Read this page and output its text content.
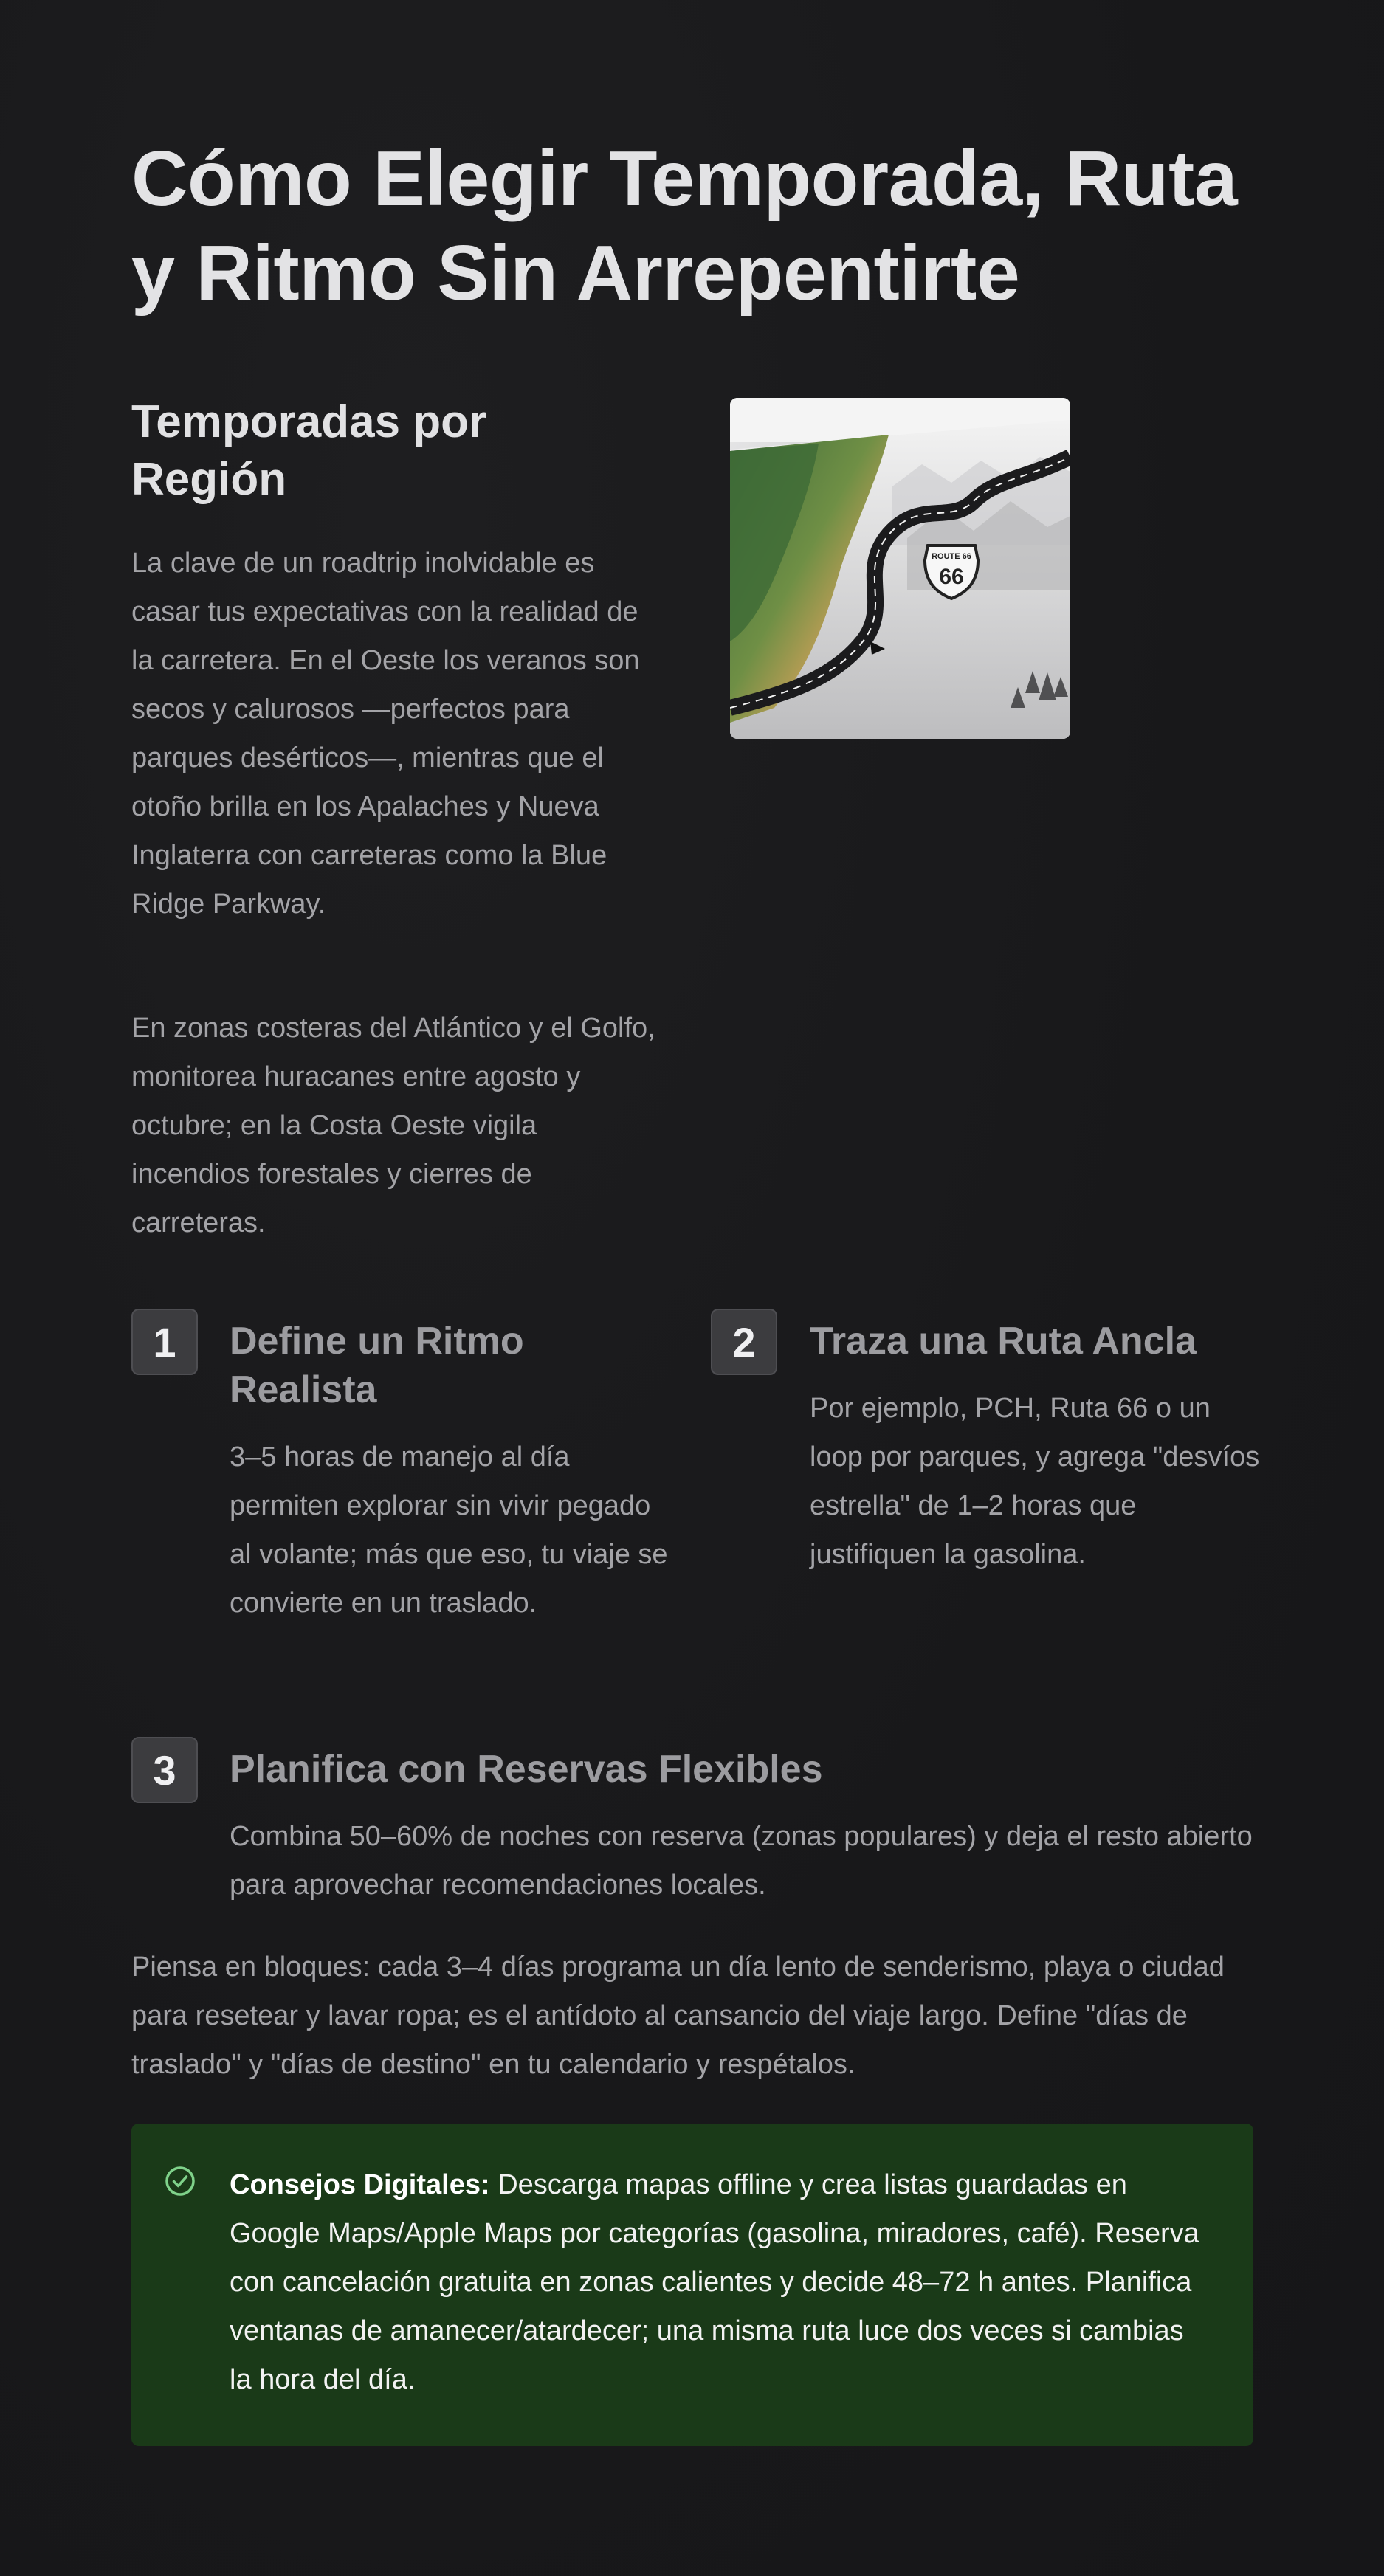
Cómo Elegir Temporada, Ruta y Ritmo Sin Arrepentirte
Temporadas por Región

La clave de un roadtrip inolvidable es casar tus expectativas con la realidad de la carretera. En el Oeste los veranos son secos y calurosos —perfectos para parques desérticos—, mientras que el otoño brilla en los Apalaches y Nueva Inglaterra con carreteras como la Blue Ridge Parkway.

En zonas costeras del Atlántico y el Golfo, monitorea huracanes entre agosto y octubre; en la Costa Oeste vigila incendios forestales y cierres de carreteras.

ROUTE 66
66
1	Define un Ritmo Realista

3–5 horas de manejo al día permiten explorar sin vivir pegado al volante; más que eso, tu viaje se convierte en un traslado.

2	Traza una Ruta Ancla

Por ejemplo, PCH, Ruta 66 o un loop por parques, y agrega "desvíos estrella" de 1–2 horas que justifiquen la gasolina.

3	Planifica con Reservas Flexibles

Combina 50–60% de noches con reserva (zonas populares) y deja el resto abierto para aprovechar recomendaciones locales.

Piensa en bloques: cada 3–4 días programa un día lento de senderismo, playa o ciudad para resetear y lavar ropa; es el antídoto al cansancio del viaje largo. Define "días de traslado" y "días de destino" en tu calendario y respétalos.

Consejos Digitales: Descarga mapas offline y crea listas guardadas en Google Maps/Apple Maps por categorías (gasolina, miradores, café). Reserva con cancelación gratuita en zonas calientes y decide 48–72 h antes. Planifica ventanas de amanecer/atardecer; una misma ruta luce dos veces si cambias la hora del día.
